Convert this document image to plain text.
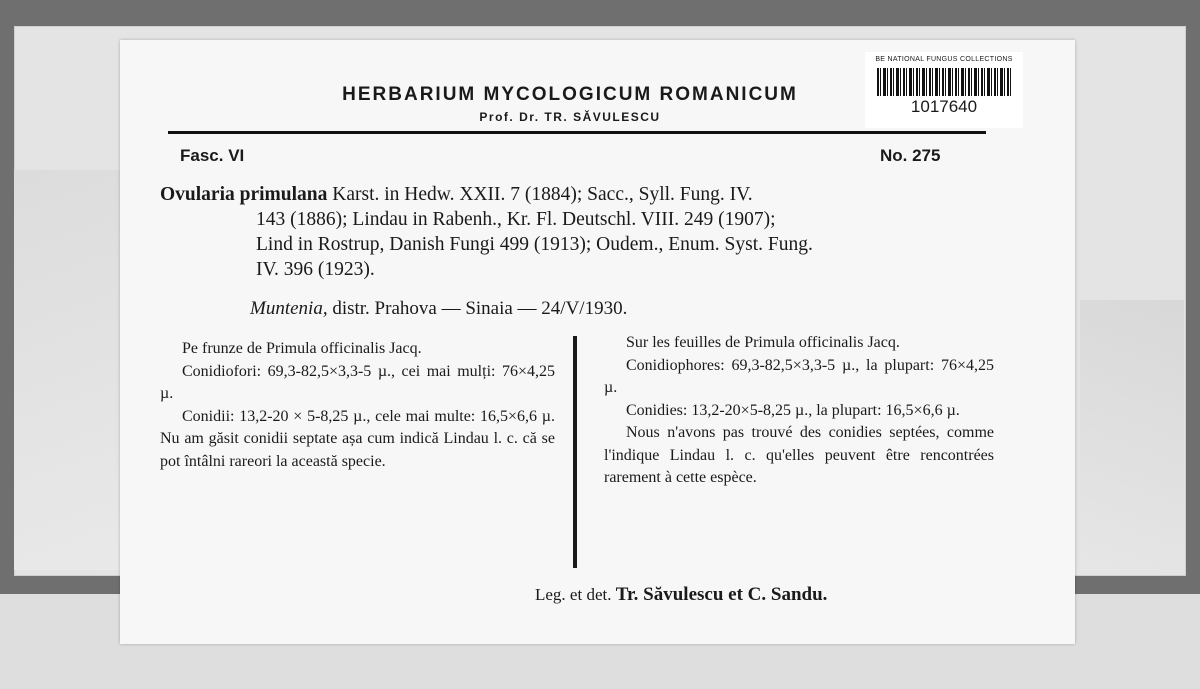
HERBARIUM MYCOLOGICUM ROMANICUM
Prof. Dr. TR. SĂVULESCU
BE NATIONAL FUNGUS COLLECTIONS
1017640
Fasc. VI	No. 275
Ovularia primulana Karst. in Hedw. XXII. 7 (1884); Sacc., Syll. Fung. IV.
143 (1886); Lindau in Rabenh., Kr. Fl. Deutschl. VIII. 249 (1907);
Lind in Rostrup, Danish Fungi 499 (1913); Oudem., Enum. Syst. Fung.
IV. 396 (1923).
Muntenia, distr. Prahova — Sinaia — 24/V/1930.

Pe frunze de Primula officinalis Jacq.

Conidiofori: 69,3-82,5×3,3-5 µ., cei mai mulți: 76×4,25 µ.

Conidii: 13,2-20 × 5-8,25 µ., cele mai multe: 16,5×6,6 µ. Nu am găsit conidii septate așa cum indică Lindau l. c. că se pot întâlni rareori la această specie.

Sur les feuilles de Primula officinalis Jacq.

Conidiophores: 69,3-82,5×3,3-5 µ., la plupart: 76×4,25 µ.

Conidies: 13,2-20×5-8,25 µ., la plupart: 16,5×6,6 µ.

Nous n'avons pas trouvé des conidies septées, comme l'indique Lindau l. c. qu'elles peuvent être rencontrées rarement à cette espèce.

Leg. et det. Tr. Săvulescu et C. Sandu.
